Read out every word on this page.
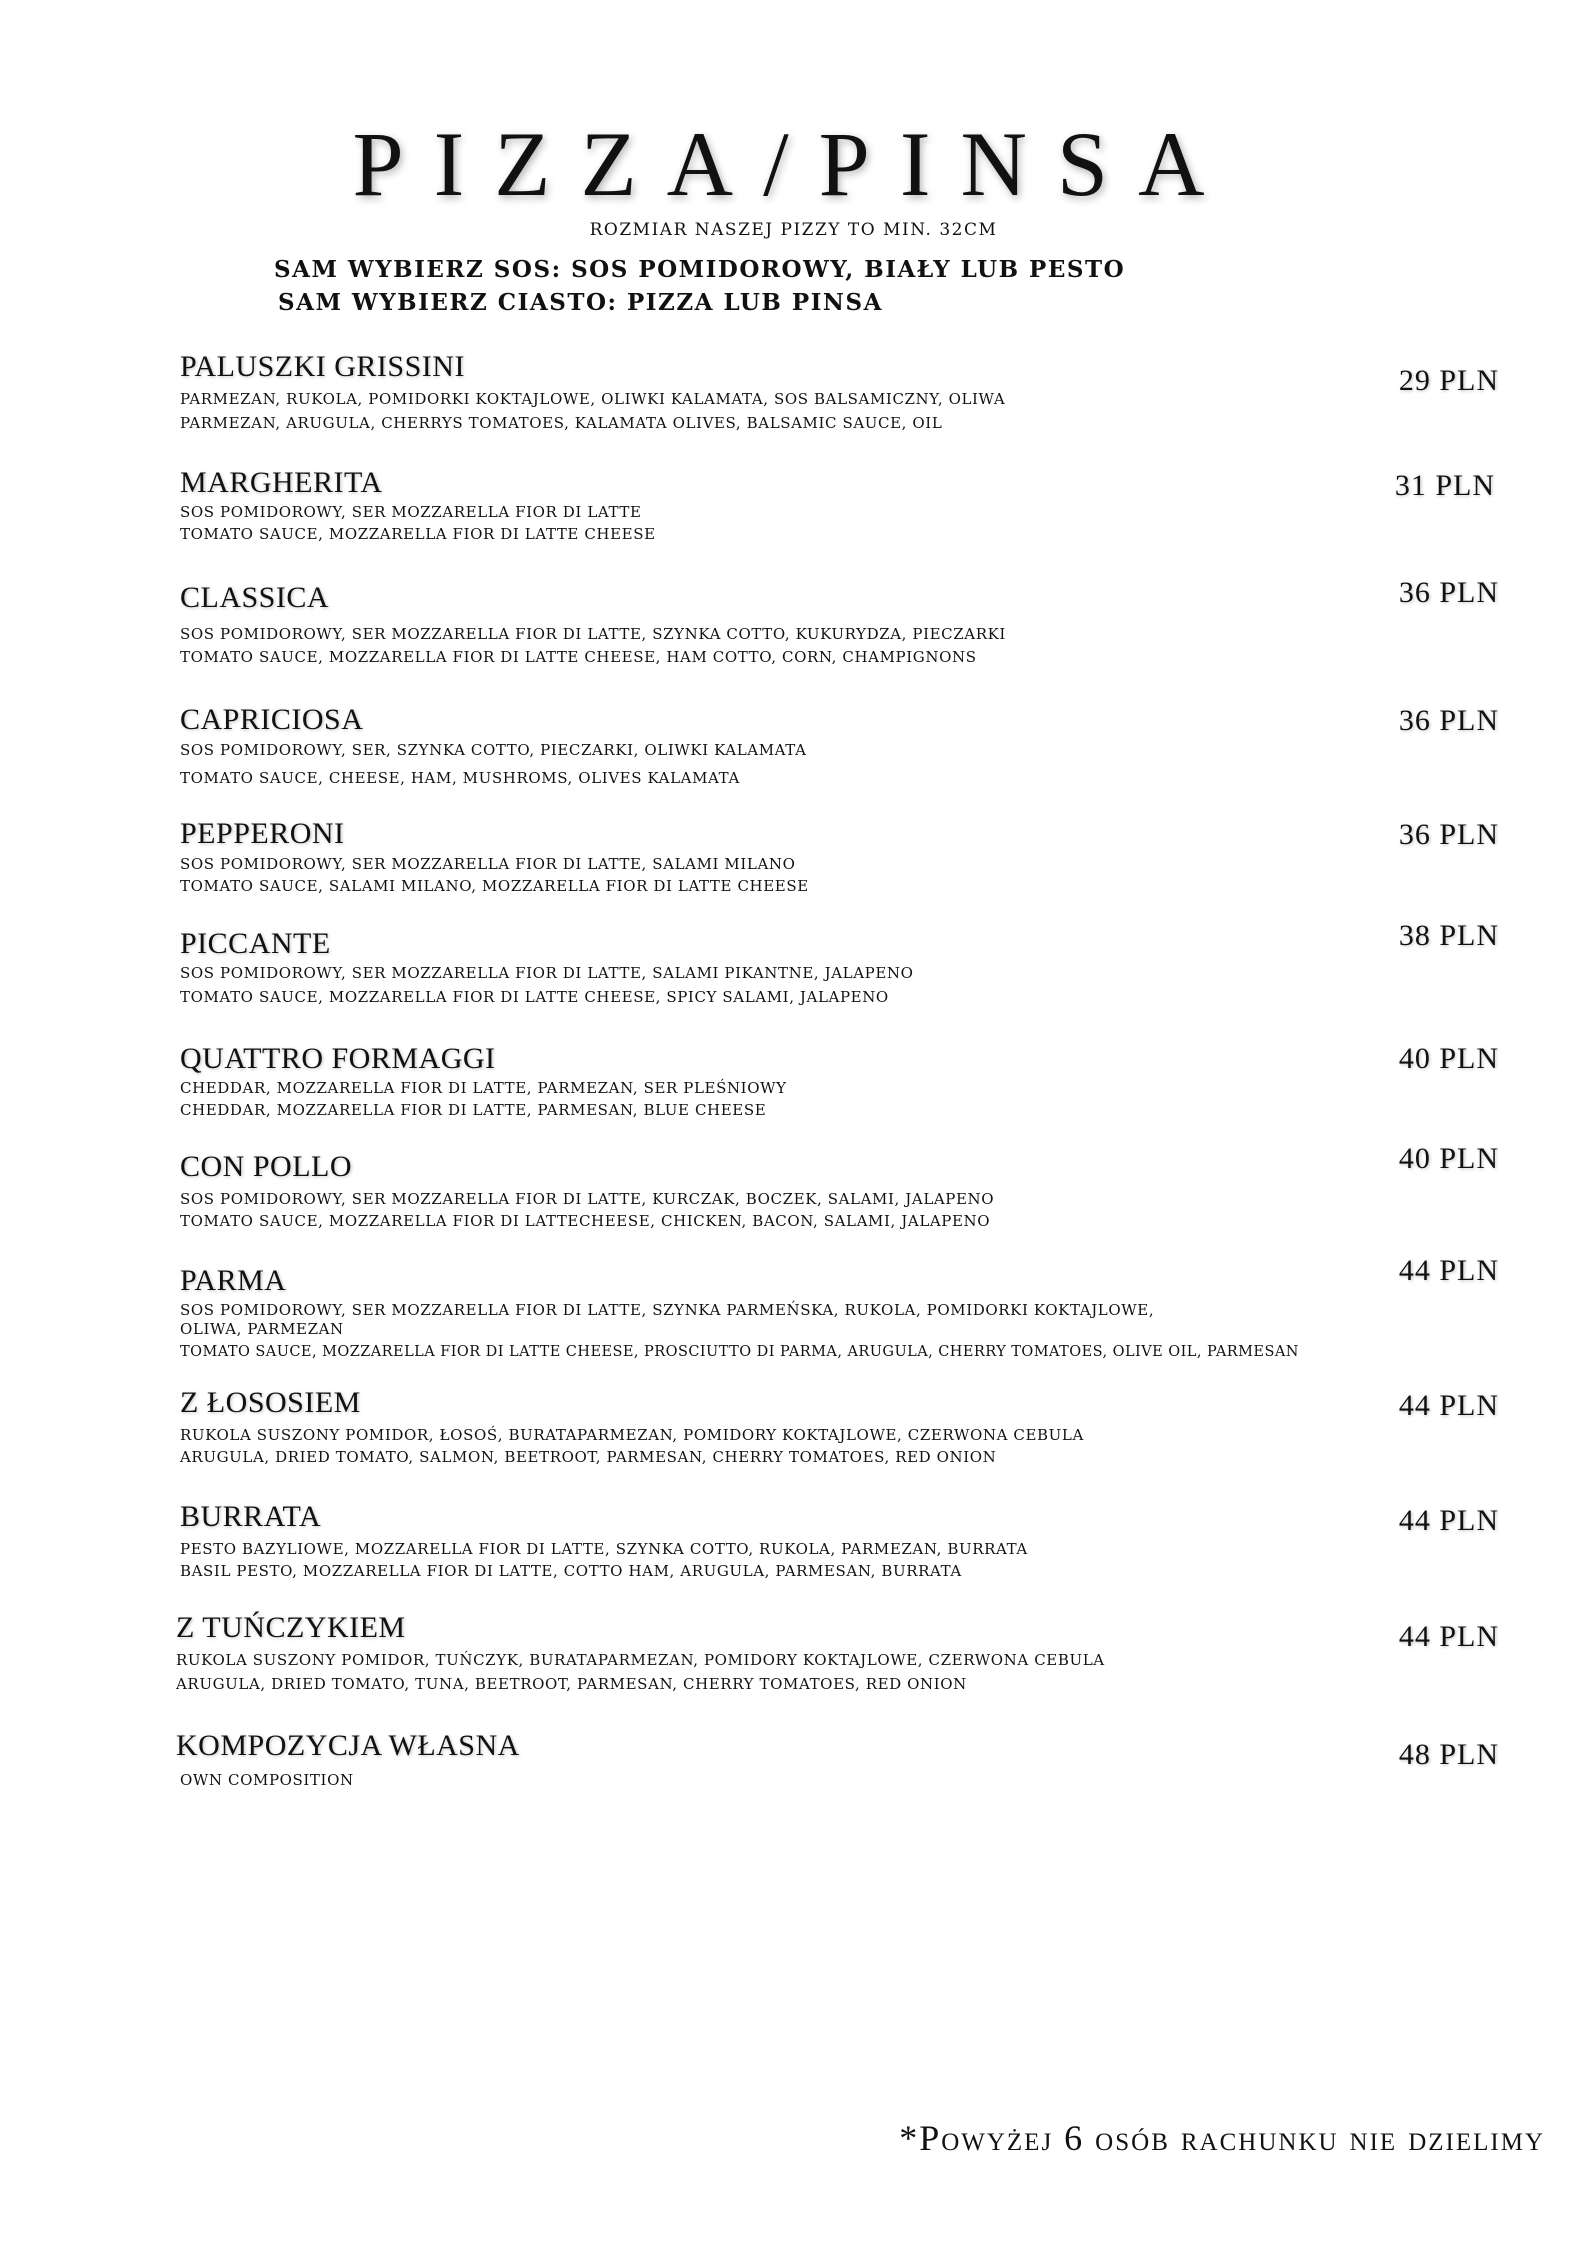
PIZZA/PINSA
ROZMIAR NASZEJ PIZZY TO MIN. 32CM
SAM WYBIERZ SOS: SOS POMIDOROWY, BIAŁY LUB PESTO
SAM WYBIERZ CIASTO: PIZZA LUB PINSA
PALUSZKI GRISSINI
PARMEZAN, RUKOLA, POMIDORKI KOKTAJLOWE, OLIWKI KALAMATA, SOS BALSAMICZNY, OLIWA
PARMEZAN, ARUGULA, CHERRYS TOMATOES, KALAMATA OLIVES, BALSAMIC SAUCE, OIL
29 PLN
MARGHERITA
SOS POMIDOROWY, SER MOZZARELLA FIOR DI LATTE
TOMATO SAUCE, MOZZARELLA FIOR DI LATTE CHEESE
31 PLN
CLASSICA
SOS POMIDOROWY, SER MOZZARELLA FIOR DI LATTE, SZYNKA COTTO, KUKURYDZA, PIECZARKI
TOMATO SAUCE, MOZZARELLA FIOR DI LATTE CHEESE, HAM COTTO, CORN, CHAMPIGNONS
36 PLN
CAPRICIOSA
SOS POMIDOROWY, SER, SZYNKA COTTO, PIECZARKI, OLIWKI KALAMATA
TOMATO SAUCE, CHEESE, HAM, MUSHROMS, OLIVES KALAMATA
36 PLN
PEPPERONI
SOS POMIDOROWY, SER MOZZARELLA FIOR DI LATTE, SALAMI MILANO
TOMATO SAUCE, SALAMI MILANO, MOZZARELLA FIOR DI LATTE CHEESE
36 PLN
PICCANTE
SOS POMIDOROWY, SER MOZZARELLA FIOR DI LATTE, SALAMI PIKANTNE, JALAPENO
TOMATO SAUCE, MOZZARELLA FIOR DI LATTE CHEESE, SPICY SALAMI, JALAPENO
38 PLN
QUATTRO FORMAGGI
CHEDDAR, MOZZARELLA FIOR DI LATTE, PARMEZAN, SER PLEŚNIOWY
CHEDDAR, MOZZARELLA FIOR DI LATTE, PARMESAN, BLUE CHEESE
40 PLN
CON POLLO
SOS POMIDOROWY, SER MOZZARELLA FIOR DI LATTE, KURCZAK, BOCZEK, SALAMI, JALAPENO
TOMATO SAUCE, MOZZARELLA FIOR DI LATTECHEESE, CHICKEN, BACON, SALAMI, JALAPENO
40 PLN
PARMA
SOS POMIDOROWY, SER MOZZARELLA FIOR DI LATTE, SZYNKA PARMEŃSKA, RUKOLA, POMIDORKI KOKTAJLOWE,
OLIWA, PARMEZAN
TOMATO SAUCE, MOZZARELLA FIOR DI LATTE CHEESE, PROSCIUTTO DI PARMA, ARUGULA, CHERRY TOMATOES, OLIVE OIL, PARMESAN
44 PLN
Z ŁOSOSIEM
RUKOLA SUSZONY POMIDOR, ŁOSOŚ, BURATAPARMEZAN, POMIDORY KOKTAJLOWE, CZERWONA CEBULA
ARUGULA, DRIED TOMATO, SALMON, BEETROOT, PARMESAN, CHERRY TOMATOES, RED ONION
44 PLN
BURRATA
PESTO BAZYLIOWE, MOZZARELLA FIOR DI LATTE, SZYNKA COTTO, RUKOLA, PARMEZAN, BURRATA
BASIL PESTO, MOZZARELLA FIOR DI LATTE, COTTO HAM, ARUGULA, PARMESAN, BURRATA
44 PLN
Z TUŃCZYKIEM
RUKOLA SUSZONY POMIDOR, TUŃCZYK, BURATAPARMEZAN, POMIDORY KOKTAJLOWE, CZERWONA CEBULA
ARUGULA, DRIED TOMATO, TUNA, BEETROOT, PARMESAN, CHERRY TOMATOES, RED ONION
44 PLN
KOMPOZYCJA WŁASNA
OWN COMPOSITION
48 PLN
*Powyżej 6 osób rachunku nie dzielimy
